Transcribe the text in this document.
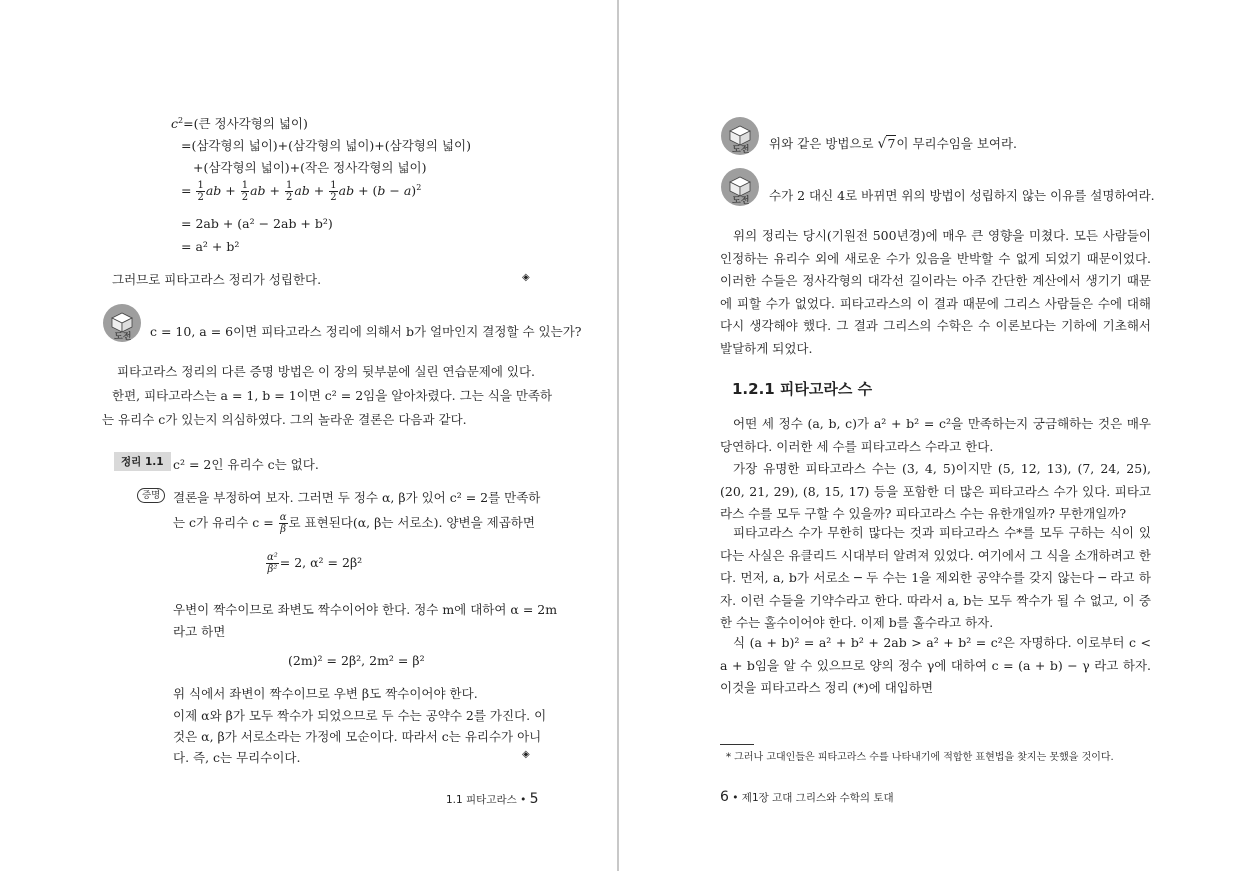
$c^2=$(큰 정사각형의 넓이)
=(삼각형의 넓이)+(삼각형의 넓이)+(삼각형의 넓이)
+(삼각형의 넓이)+(작은 정사각형의 넓이)
= $\frac{1}{2}$ ab + $\frac{1}{2}$ ab + $\frac{1}{2}$ ab + $\frac{1}{2}$ ab + $(b - a)^2$
= 2ab + (a² − 2ab + b²)
= a² + b²
그러므로 피타고라스 정리가 성립한다.	◈
도전 c = 10, a = 6이면 피타고라스 정리에 의해서 b가 얼마인지 결정할 수 있는가?
피타고라스 정리의 다른 증명 방법은 이 장의 뒷부분에 실린 연습문제에 있다.
한편, 피타고라스는 a = 1, b = 1이면 c² = 2임을 알아차렸다. 그는 식을 만족하
는 유리수 c가 있는지 의심하였다. 그의 놀라운 결론은 다음과 같다.
정리 1.1 c² = 2인 유리수 c는 없다.
증명	결론을 부정하여 보자. 그러면 두 정수 α, β가 있어 c² = 2를 만족하
는 c가 유리수 $c = \frac{\alpha}{\beta}$ 로 표현된다(α, β는 서로소). 양변을 제곱하면
$\frac{\text{α²}}{\text{β²}} = 2$, α² = 2β²
우변이 짝수이므로 좌변도 짝수이어야 한다. 정수 m에 대하여 α = 2m
라고 하면
(2m)² = 2β², 2m² = β²
위 식에서 좌변이 짝수이므로 우변 β도 짝수이어야 한다.
이제 α와 β가 모두 짝수가 되었으므로 두 수는 공약수 2를 가진다. 이
것은 α, β가 서로소라는 가정에 모순이다. 따라서 c는 유리수가 아니
다. 즉, c는 무리수이다.	◈
1.1 피타고라스 • 5
도전 위와 같은 방법으로 √7이 무리수임을 보여라.
도전 수가 2 대신 4로 바뀌면 위의 방법이 성립하지 않는 이유를 설명하여라.
위의 정리는 당시(기원전 500년경)에 매우 큰 영향을 미쳤다. 모든 사람들이 인정하는 유리수 외에 새로운 수가 있음을 반박할 수 없게 되었기 때문이었다. 이러한 수들은 정사각형의 대각선 길이라는 아주 간단한 계산에서 생기기 때문에 피할 수가 없었다. 피타고라스의 이 결과 때문에 그리스 사람들은 수에 대해 다시 생각해야 했다. 그 결과 그리스의 수학은 수 이론보다는 기하에 기초해서 발달하게 되었다.
1.2.1 피타고라스 수
어떤 세 정수 (a, b, c)가 a² + b² = c²을 만족하는지 궁금해하는 것은 매우 당연하다. 이러한 세 수를 피타고라스 수라고 한다.
가장 유명한 피타고라스 수는 (3, 4, 5)이지만 (5, 12, 13), (7, 24, 25), (20, 21, 29), (8, 15, 17) 등을 포함한 더 많은 피타고라스 수가 있다. 피타고라스 수를 모두 구할 수 있을까? 피타고라스 수는 유한개일까? 무한개일까?
피타고라스 수가 무한히 많다는 것과 피타고라스 수*를 모두 구하는 식이 있다는 사실은 유클리드 시대부터 알려져 있었다. 여기에서 그 식을 소개하려고 한다. 먼저, a, b가 서로소 ─ 두 수는 1을 제외한 공약수를 갖지 않는다 ─ 라고 하자. 이런 수들을 기약수라고 한다. 따라서 a, b는 모두 짝수가 될 수 없고, 이 중 한 수는 홀수이어야 한다. 이제 b를 홀수라고 하자.
식 (a + b)² = a² + b² + 2ab > a² + b² = c²은 자명하다. 이로부터 c < a + b임을 알 수 있으므로 양의 정수 γ에 대하여 c = (a + b) − γ 라고 하자. 이것을 피타고라스 정리 (*)에 대입하면
* 그러나 고대인들은 피타고라스 수를 나타내기에 적합한 표현법을 찾지는 못했을 것이다.
6 • 제1장 고대 그리스와 수학의 토대
